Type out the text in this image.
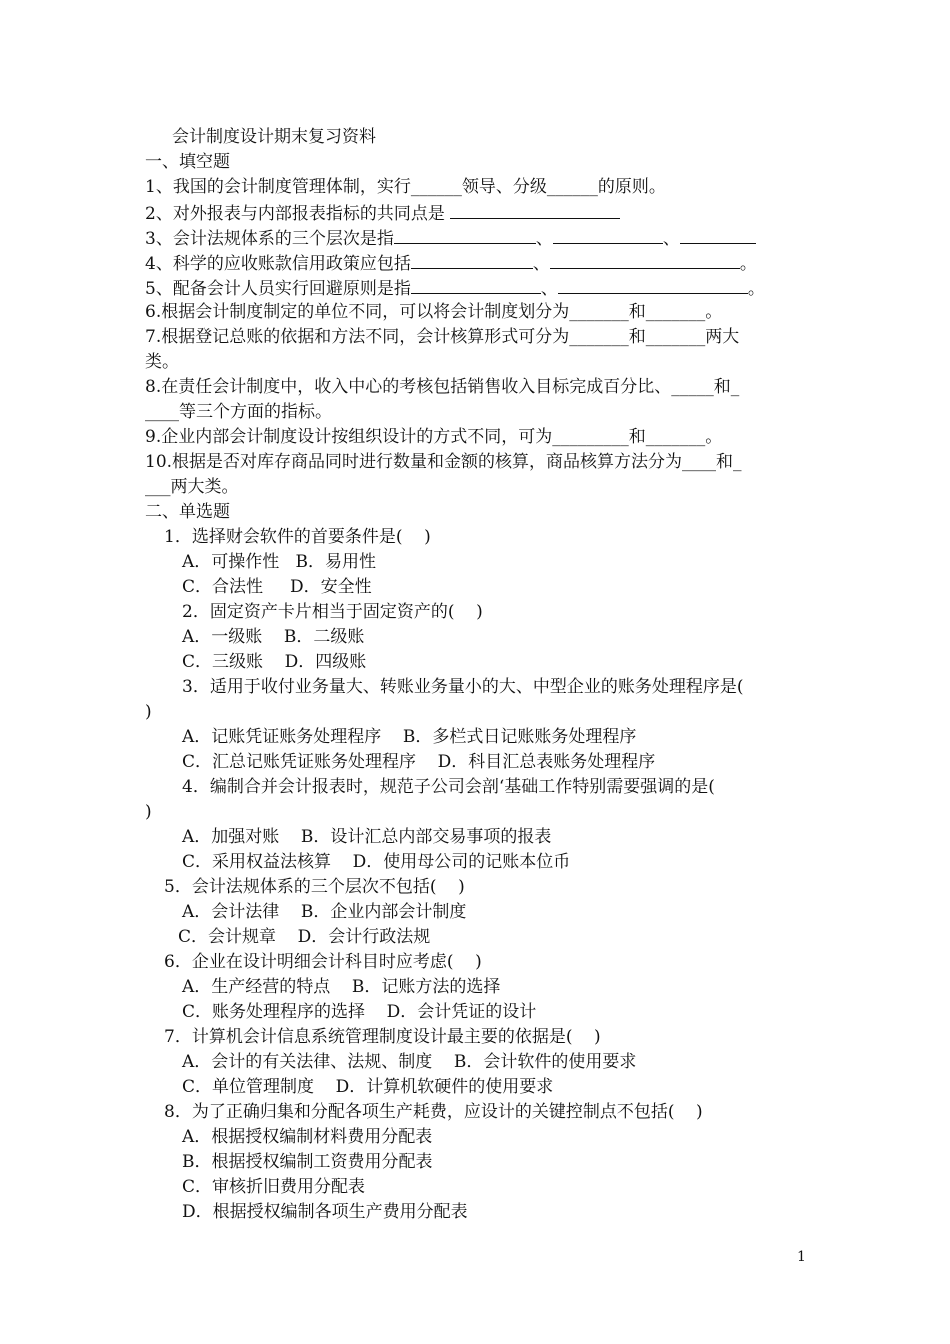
会计制度设计期末复习资料
一、填空题
1、我国的会计制度管理体制，实行______领导、分级______的原则。
2、对外报表与内部报表指标的共同点是
3、会计法规体系的三个层次是指	、	、
4、科学的应收账款信用政策应包括	、	。
5、配备会计人员实行回避原则是指	、	。
6.根据会计制度制定的单位不同，可以将会计制度划分为_______和_______。
7.根据登记总账的依据和方法不同，会计核算形式可分为_______和_______两大
类。
8.在责任会计制度中，收入中心的考核包括销售收入目标完成百分比、_____和_
____等三个方面的指标。
9.企业内部会计制度设计按组织设计的方式不同，可为_________和_______。
10.根据是否对库存商品同时进行数量和金额的核算，商品核算方法分为____和_
___两大类。
二、单选题
1．选择财会软件的首要条件是(    )
A．可操作性   B．易用性
C．合法性     D．安全性
2．固定资产卡片相当于固定资产的(    )
A．一级账    B．二级账
C．三级账    D．四级账
3．适用于收付业务量大、转账业务量小的大、中型企业的账务处理程序是(
)
A．记账凭证账务处理程序    B．多栏式日记账账务处理程序
C．汇总记账凭证账务处理程序    D．科目汇总表账务处理程序
4．编制合并会计报表时，规范子公司会剖‘基础工作特别需要强调的是(
)
A．加强对账    B．设计汇总内部交易事项的报表
C．采用权益法核算    D．使用母公司的记账本位币
5．会计法规体系的三个层次不包括(    )
A．会计法律    B．企业内部会计制度
C．会计规章    D．会计行政法规
6．企业在设计明细会计科目时应考虑(    )
A．生产经营的特点    B．记账方法的选择
C．账务处理程序的选择    D．会计凭证的设计
7．计算机会计信息系统管理制度设计最主要的依据是(    )
A．会计的有关法律、法规、制度    B．会计软件的使用要求
C．单位管理制度    D．计算机软硬件的使用要求
8．为了正确归集和分配各项生产耗费，应设计的关键控制点不包括(    )
A．根据授权编制材料费用分配表
B．根据授权编制工资费用分配表
C．审核折旧费用分配表
D．根据授权编制各项生产费用分配表
1
